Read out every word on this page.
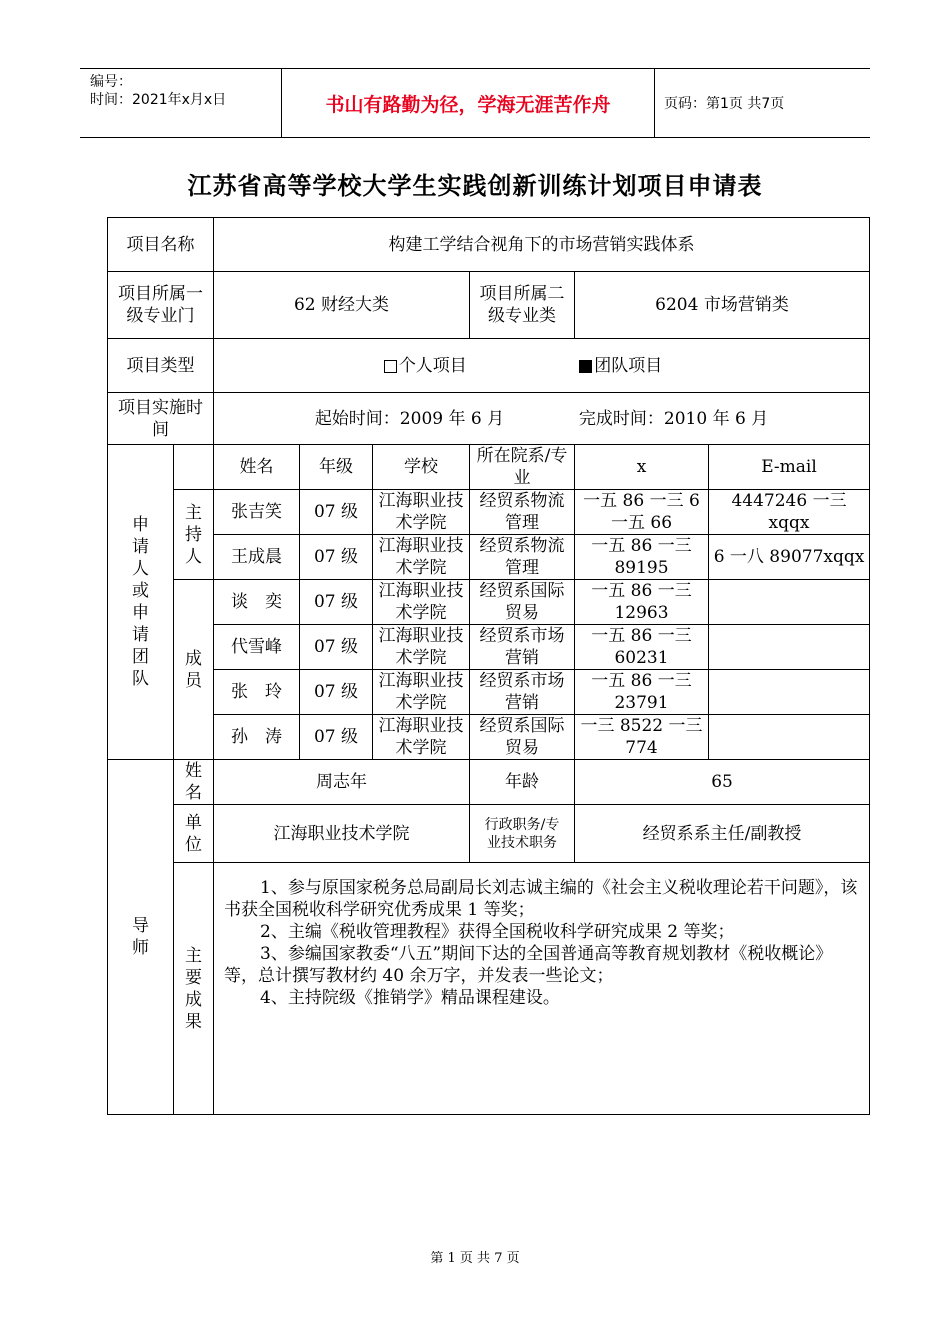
编号：
时间：2021年x月x日	书山有路勤为径，学海无涯苦作舟	页码：第1页 共7页
江苏省高等学校大学生实践创新训练计划项目申请表
项目名称		构建工学结合视角下的市场营销实践体系					
项目所属一级专业门		62 财经大类			项目所属二级专业类	6204 市场营销类	
项目类型		个人项目 团队项目					
项目实施时　　间		起始时间：2009 年 6 月 完成时间：2010 年 6 月					
申请人或申请团队		姓名	年级	学校	所在院系/专业	x	E-mail
	主持人	张吉笑	07 级	江海职业技术学院	经贸系物流管理	一五 86 一三 6 一五 66	4447246 一三 xqqx
		王成晨	07 级	江海职业技术学院	经贸系物流管理	一五 86 一三 89195	6 一八 89077xqqx
	成员	谈　奕	07 级	江海职业技术学院	经贸系国际贸易	一五 86 一三 12963	
		代雪峰	07 级	江海职业技术学院	经贸系市场营销	一五 86 一三 60231	
		张　玲	07 级	江海职业技术学院	经贸系市场营销	一五 86 一三 23791	
		孙　涛	07 级	江海职业技术学院	经贸系国际贸易	一三 8522 一三 774	
导师	姓名	周志年			年龄	65	
	单位	江海职业技术学院			行政职务/专业技术职务	经贸系系主任/副教授	
	主要成果	1、参与原国家税务总局副局长刘志诚主编的《社会主义税收理论若干问题》，该书获全国税收科学研究优秀成果 1 等奖；

2、主编《税收管理教程》获得全国税收科学研究成果 2 等奖；

3、参编国家教委“八五”期间下达的全国普通高等教育规划教材《税收概论》等，总计撰写教材约 40 余万字，并发表一些论文；

4、主持院级《推销学》精品课程建设。					

第 1 页 共 7 页
